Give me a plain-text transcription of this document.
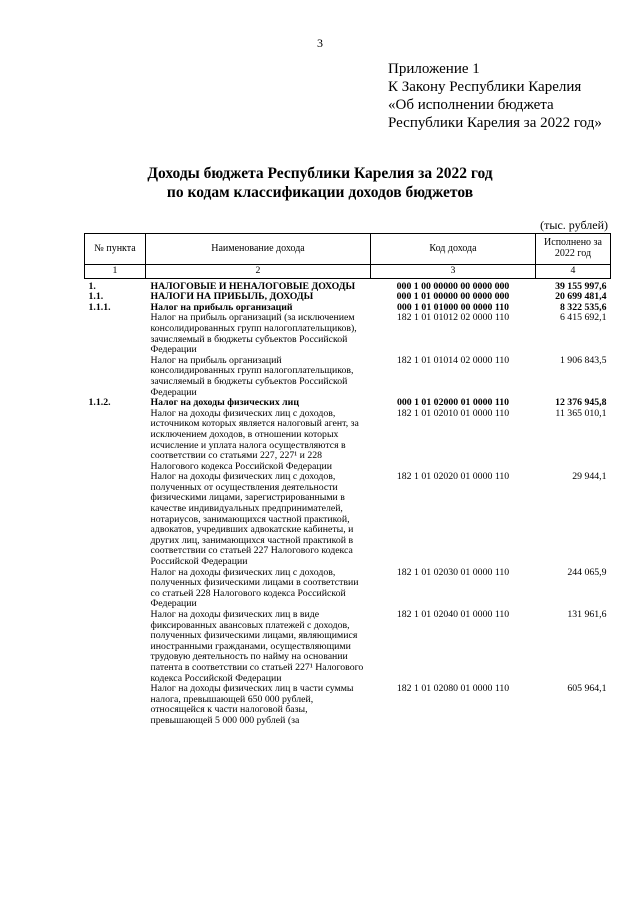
3
Приложение 1
К Закону Республики Карелия
«Об исполнении бюджета
Республики Карелия за 2022 год»
Доходы бюджета Республики Карелия за 2022 год
по кодам классификации доходов бюджетов
(тыс. рублей)
№ пункта	Наименование дохода	Код дохода	Исполнено за 2022 год
1	2	3	4
1.	НАЛОГОВЫЕ И НЕНАЛОГОВЫЕ ДОХОДЫ	000 1 00 00000 00 0000 000	39 155 997,6
1.1.	НАЛОГИ НА ПРИБЫЛЬ, ДОХОДЫ	000 1 01 00000 00 0000 000	20 699 481,4
1.1.1.	Налог на прибыль организаций	000 1 01 01000 00 0000 110	8 322 535,6
	Налог на прибыль организаций (за исключением консолидированных групп налогоплательщиков), зачисляемый в бюджеты субъектов Российской Федерации	182 1 01 01012 02 0000 110	6 415 692,1
	Налог на прибыль организаций консолидированных групп налогоплательщиков, зачисляемый в бюджеты субъектов Российской Федерации	182 1 01 01014 02 0000 110	1 906 843,5
1.1.2.	Налог на доходы физических лиц	000 1 01 02000 01 0000 110	12 376 945,8
	Налог на доходы физических лиц с доходов, источником которых является налоговый агент, за исключением доходов, в отношении которых исчисление и уплата налога осуществляются в соответствии со статьями 227, 227¹ и 228 Налогового кодекса Российской Федерации	182 1 01 02010 01 0000 110	11 365 010,1
	Налог на доходы физических лиц с доходов, полученных от осуществления деятельности физическими лицами, зарегистрированными в качестве индивидуальных предпринимателей, нотариусов, занимающихся частной практикой, адвокатов, учредивших адвокатские кабинеты, и других лиц, занимающихся частной практикой в соответствии со статьей 227 Налогового кодекса Российской Федерации	182 1 01 02020 01 0000 110	29 944,1
	Налог на доходы физических лиц с доходов, полученных физическими лицами в соответствии со статьей 228 Налогового кодекса Российской Федерации	182 1 01 02030 01 0000 110	244 065,9
	Налог на доходы физических лиц в виде фиксированных авансовых платежей с доходов, полученных физическими лицами, являющимися иностранными гражданами, осуществляющими трудовую деятельность по найму на основании патента в соответствии со статьей 227¹ Налогового кодекса Российской Федерации	182 1 01 02040 01 0000 110	131 961,6
	Налог на доходы физических лиц в части суммы налога, превышающей 650 000 рублей, относящейся к части налоговой базы, превышающей 5 000 000 рублей (за	182 1 01 02080 01 0000 110	605 964,1
